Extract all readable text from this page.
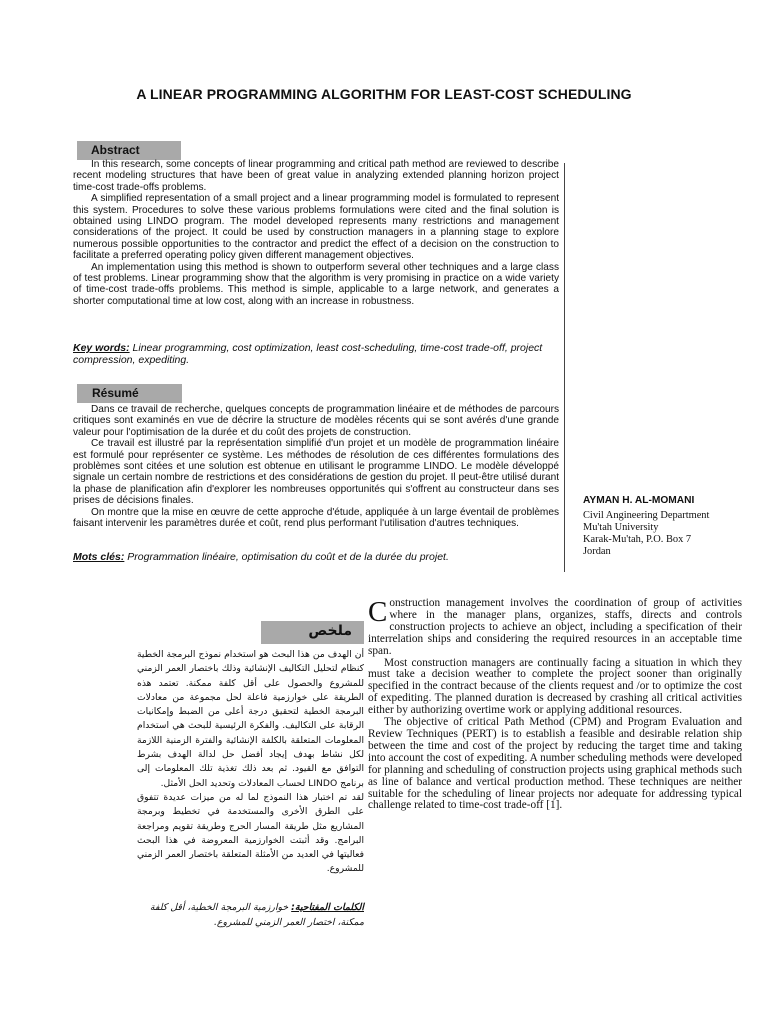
A LINEAR PROGRAMMING ALGORITHM FOR LEAST-COST SCHEDULING
Abstract

In this research, some concepts of linear programming and critical path method are reviewed to describe recent modeling structures that have been of great value in analyzing extended planning horizon project time-cost trade-offs problems.

A simplified representation of a small project and a linear programming model is formulated to represent this system. Procedures to solve these various problems formulations were cited and the final solution is obtained using LINDO program. The model developed represents many restrictions and management considerations of the project. It could be used by construction managers in a planning stage to explore numerous possible opportunities to the contractor and predict the effect of a decision on the construction to facilitate a preferred operating policy given different management objectives.

An implementation using this method is shown to outperform several other techniques and a large class of test problems. Linear programming show that the algorithm is very promising in practice on a wide variety of time-cost trade-offs problems. This method is simple, applicable to a large network, and generates a shorter computational time at low cost, along with an increase in robustness.

Key words: Linear programming, cost optimization, least cost-scheduling, time-cost trade-off, project compression, expediting.
Résumé

Dans ce travail de recherche, quelques concepts de programmation linéaire et de méthodes de parcours critiques sont examinés en vue de décrire la structure de modèles récents qui se sont avérés d'une grande valeur pour l'optimisation de la durée et du coût des projets de construction.

Ce travail est illustré par la représentation simplifié d'un projet et un modèle de programmation linéaire est formulé pour représenter ce système. Les méthodes de résolution de ces différentes formulations des problèmes sont citées et une solution est obtenue en utilisant le programme LINDO. Le modèle développé signale un certain nombre de restrictions et des considérations de gestion du projet. Il peut-être utilisé durant la phase de planification afin d'explorer les nombreuses opportunités qui s'offrent au constructeur dans ses prises de décisions finales.

On montre que la mise en œuvre de cette approche d'étude, appliquée à un large éventail de problèmes faisant intervenir les paramètres durée et coût, rend plus performant l'utilisation d'autres techniques.

Mots clés: Programmation linéaire, optimisation du coût et de la durée du projet.
AYMAN H. AL-MOMANI
Civil Angineering Department
Mu'tah University
Karak-Mu'tah, P.O. Box 7
Jordan
ملخص

أن الهدف من هذا البحث هو استخدام نموذج البرمجة الخطية كنظام لتحليل التكاليف الإنشائية وذلك باختصار العمر الزمني للمشروع والحصول على أقل كلفة ممكنة. تعتمد هذه الطريقة على خوارزمية فاعلة لحل مجموعة من معادلات البرمجة الخطية لتحقيق درجة أعلى من الضبط وإمكانيات الرقابة على التكاليف. والفكرة الرئيسية للبحث هي استخدام المعلومات المتعلقة بالكلفة الإنشائية والفترة الزمنية اللازمة لكل نشاط بهدف إيجاد أفضل حل لدالة الهدف بشرط التوافق مع القيود. ثم بعد ذلك تغذية تلك المعلومات إلى برنامج LINDO لحساب المعادلات وتحديد الحل الأمثل.

لقد تم اختبار هذا النموذج لما له من ميزات عديدة تتفوق على الطرق الأخرى والمستخدمة في تخطيط وبرمجة المشاريع مثل طريقة المسار الحرج وطريقة تقويم ومراجعة البرامج. وقد أثبتت الخوارزمية المعروضة في هذا البحث فعاليتها في العديد من الأمثلة المتعلقة باختصار العمر الزمني للمشروع.

الكلمات المفتاحية: خوارزمية البرمجة الخطية، أقل كلفة ممكنة، اختصار العمر الزمني للمشروع.

Construction management involves the coordination of group of activities where in the manager plans, organizes, staffs, directs and controls construction projects to achieve an object, including a specification of their interrelation ships and considering the required resources in an acceptable time span.

Most construction managers are continually facing a situation in which they must take a decision weather to complete the project sooner than originally specified in the contract because of the clients request and /or to optimize the cost of expediting. The planned duration is decreased by crashing all critical activities either by authorizing overtime work or applying additional resources.

The objective of critical Path Method (CPM) and Program Evaluation and Review Techniques (PERT) is to establish a feasible and desirable relation ship between the time and cost of the project by reducing the target time and taking into account the cost of expediting. A number scheduling methods were developed for planning and scheduling of construction projects using graphical methods such as line of balance and vertical production method. These techniques are neither suitable for the scheduling of linear projects nor adequate for addressing typical challenge related to time-cost trade-off [1].
